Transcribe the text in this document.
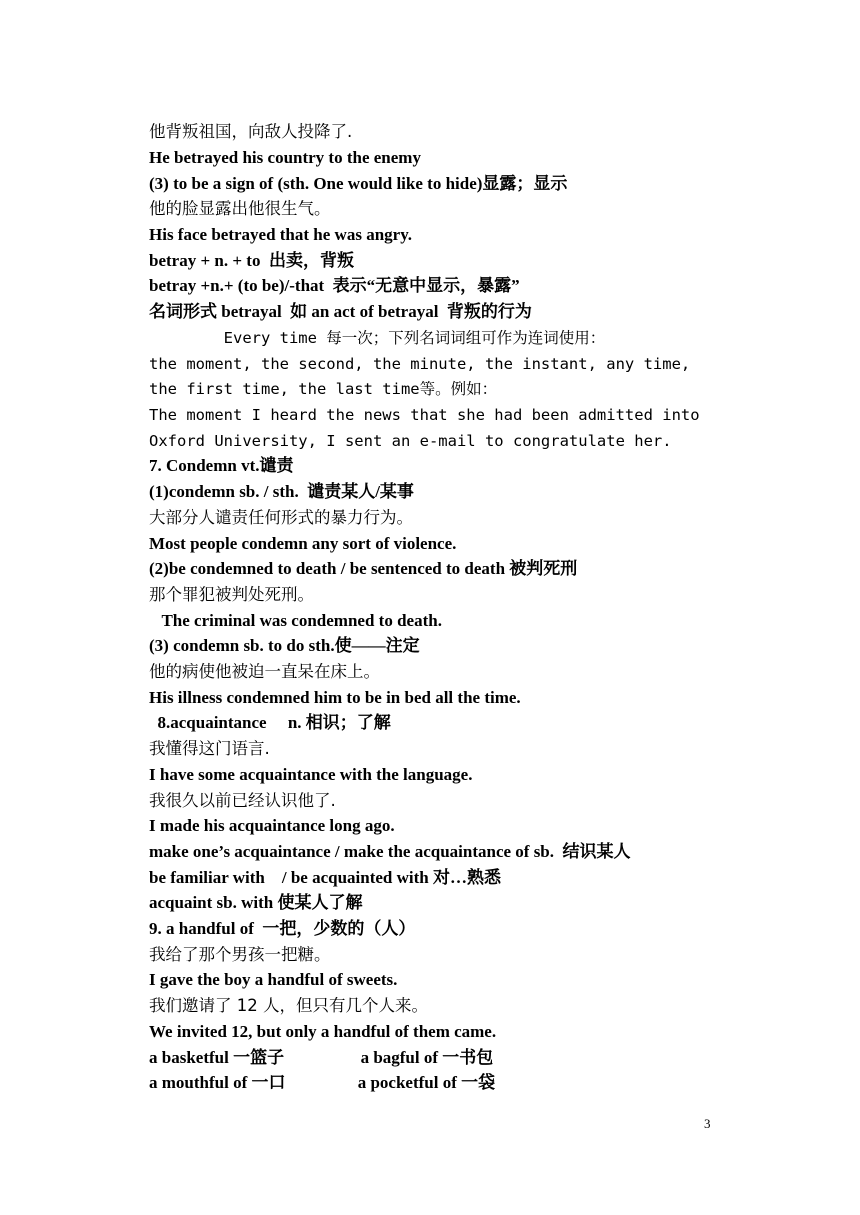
他背叛祖国，向敌人投降了.
He betrayed his country to the enemy
(3) to be a sign of (sth. One would like to hide)显露；显示
他的脸显露出他很生气。
His face betrayed that he was angry.
betray + n. + to  出卖，背叛
betray +n.+ (to be)/-that  表示“无意中显示，暴露”
名词形式 betrayal  如 an act of betrayal  背叛的行为
Every time 每一次；下列名词词组可作为连词使用：
the moment, the second, the minute, the instant, any time,
the first time, the last time等。例如：
The moment I heard the news that she had been admitted into
Oxford University, I sent an e-mail to congratulate her.
7. Condemn vt.谴责
(1)condemn sb. / sth.  谴责某人/某事
大部分人谴责任何形式的暴力行为。
Most people condemn any sort of violence.
(2)be condemned to death / be sentenced to death 被判死刑
那个罪犯被判处死刑。
The criminal was condemned to death.
(3) condemn sb. to do sth.使——注定
他的病使他被迫一直呆在床上。
His illness condemned him to be in bed all the time.
8.acquaintance     n. 相识；了解
我懂得这门语言.
I have some acquaintance with the language.
我很久以前已经认识他了.
I made his acquaintance long ago.
make one’s acquaintance / make the acquaintance of sb.  结识某人
be familiar with    / be acquainted with 对…熟悉
acquaint sb. with 使某人了解
9. a handful of  一把，少数的（人）
我给了那个男孩一把糖。
I gave the boy a handful of sweets.
我们邀请了 12 人，但只有几个人来。
We invited 12, but only a handful of them came.
a basketful 一篮子                  a bagful of 一书包
a mouthful of 一口                 a pocketful of 一袋
3
